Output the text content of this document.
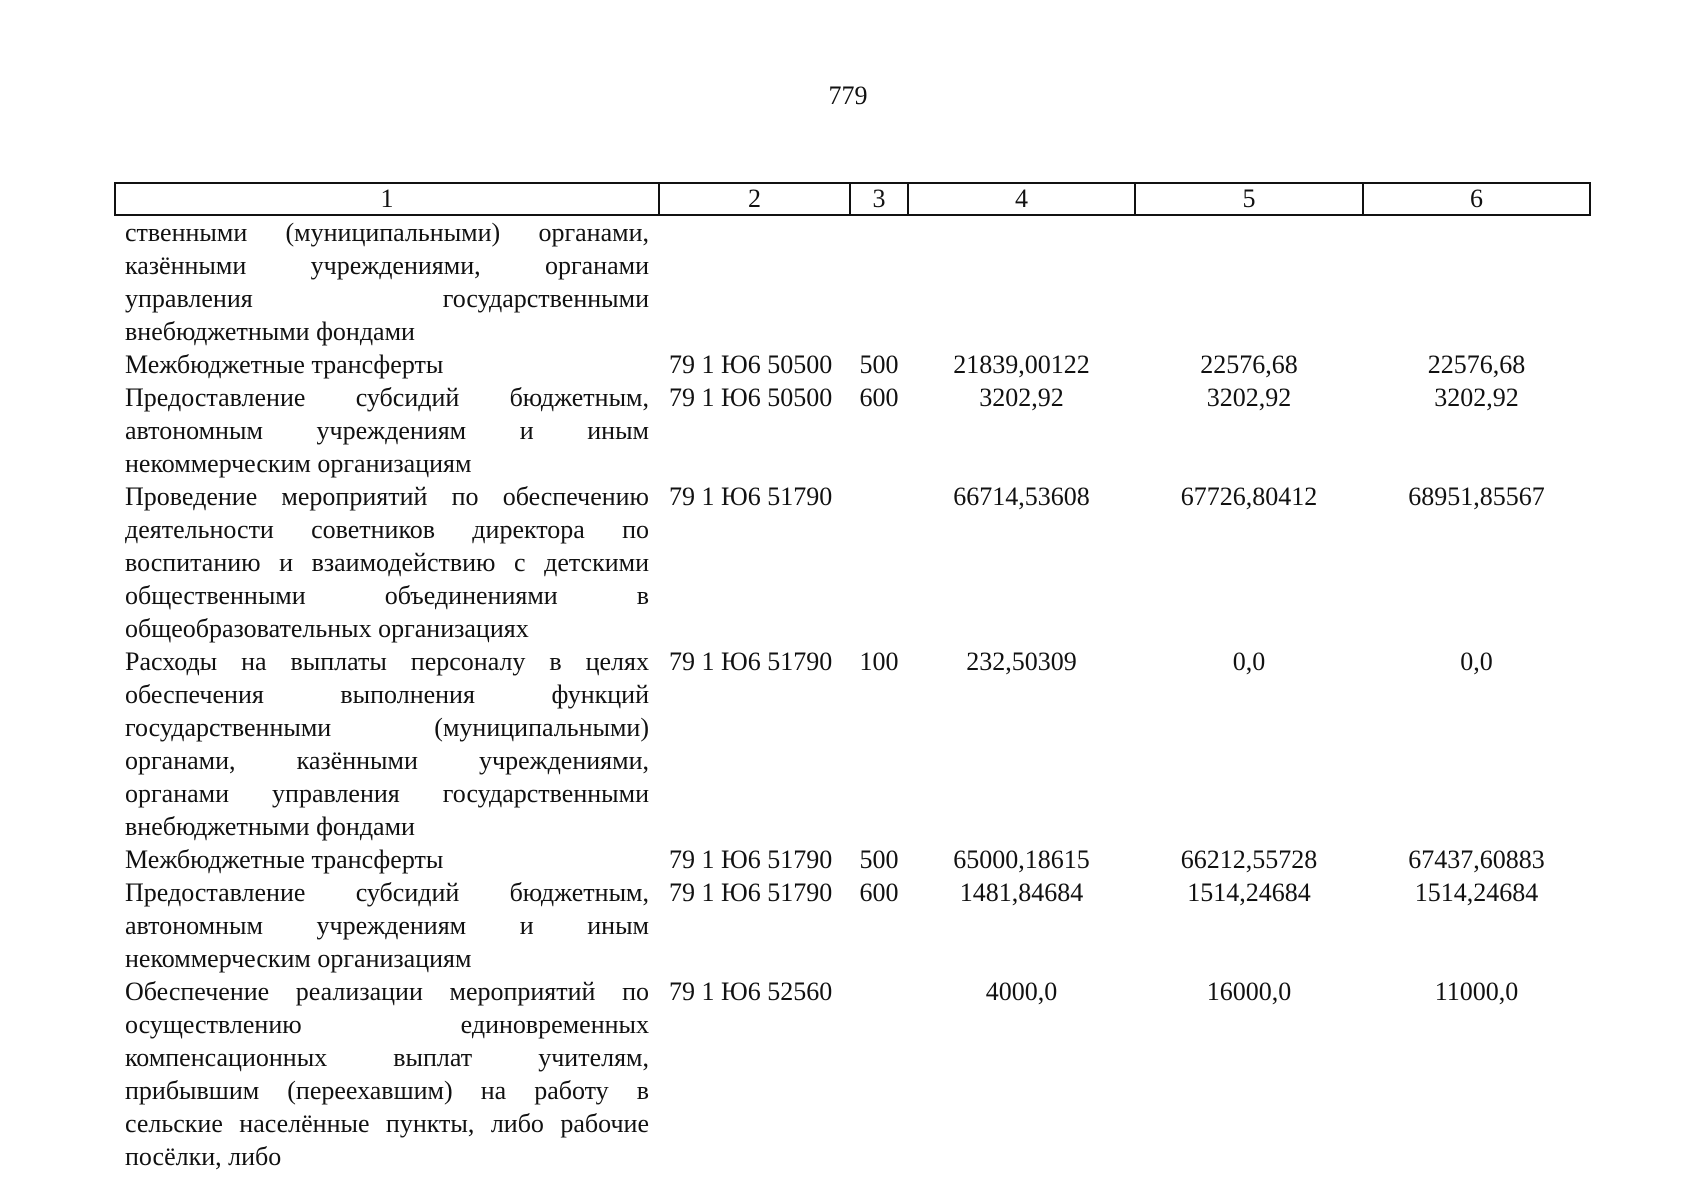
779
1	2	3	4	5	6
ственными (муниципальными) органами, казёнными учреждениями, органами управления государственными внебюджетными фондами					
Межбюджетные трансферты	79 1 Ю6 50500	500	21839,00122	22576,68	22576,68
Предоставление субсидий бюджетным, автономным учреждениям и иным некоммерческим организациям	79 1 Ю6 50500	600	3202,92	3202,92	3202,92
Проведение мероприятий по обеспечению деятельности советников директора по воспитанию и взаимодействию с детскими общественными объединениями в общеобразовательных организациях	79 1 Ю6 51790		66714,53608	67726,80412	68951,85567
Расходы на выплаты персоналу в целях обеспечения выполнения функций государственными (муниципальными) органами, казёнными учреждениями, органами управления государственными внебюджетными фондами	79 1 Ю6 51790	100	232,50309	0,0	0,0
Межбюджетные трансферты	79 1 Ю6 51790	500	65000,18615	66212,55728	67437,60883
Предоставление субсидий бюджетным, автономным учреждениям и иным некоммерческим организациям	79 1 Ю6 51790	600	1481,84684	1514,24684	1514,24684
Обеспечение реализации мероприятий по осуществлению единовременных компенсационных выплат учителям, прибывшим (переехавшим) на работу в сельские населённые пункты, либо рабочие посёлки, либо	79 1 Ю6 52560		4000,0	16000,0	11000,0
